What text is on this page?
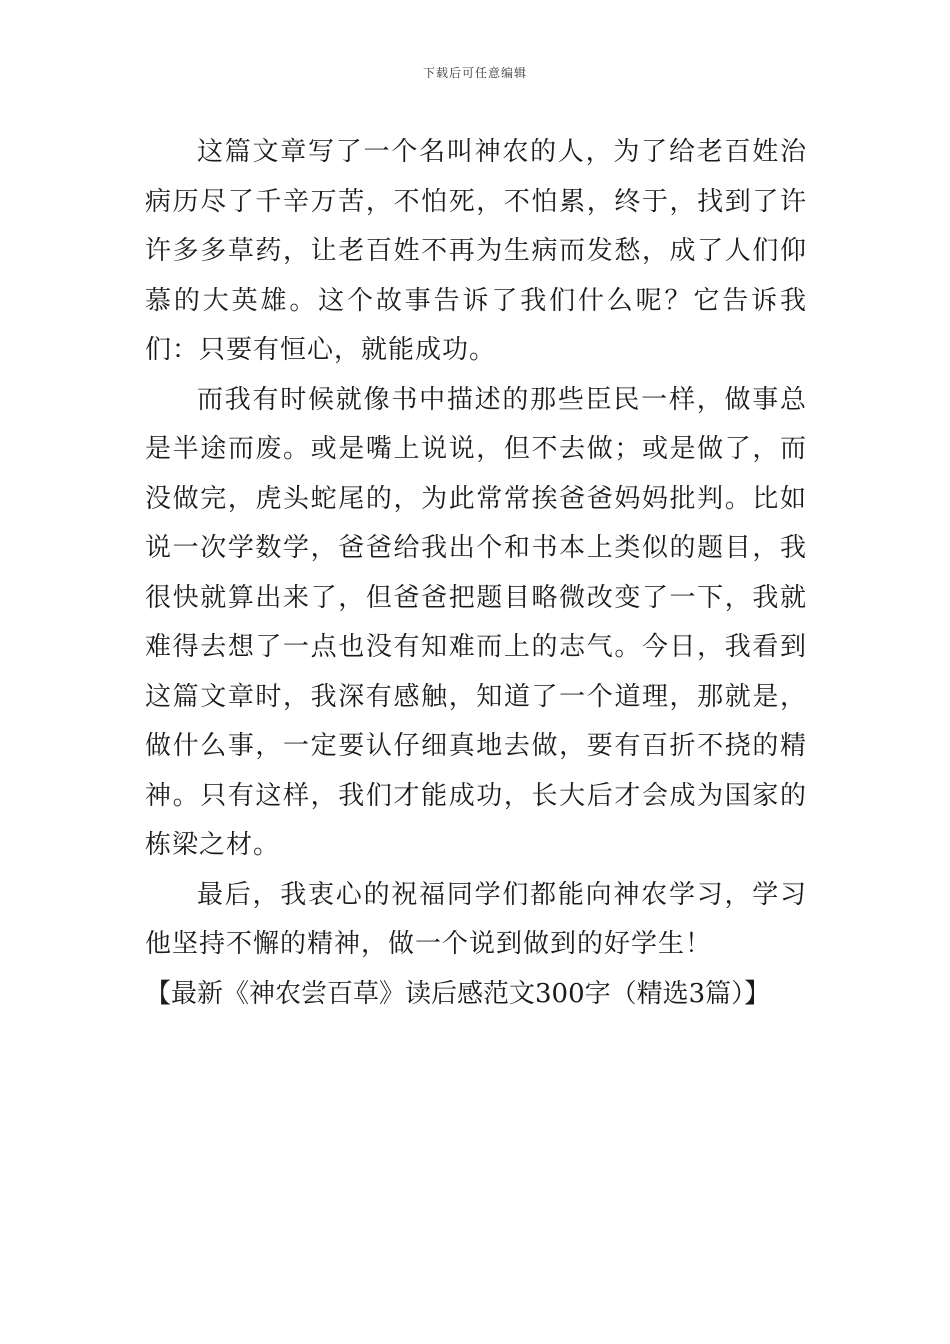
下载后可任意编辑

这篇文章写了一个名叫神农的人，为了给老百姓治病历尽了千辛万苦，不怕死，不怕累，终于，找到了许许多多草药，让老百姓不再为生病而发愁，成了人们仰慕的大英雄。这个故事告诉了我们什么呢？它告诉我们：只要有恒心，就能成功。

而我有时候就像书中描述的那些臣民一样，做事总是半途而废。或是嘴上说说，但不去做；或是做了，而没做完，虎头蛇尾的，为此常常挨爸爸妈妈批判。比如说一次学数学，爸爸给我出个和书本上类似的题目，我很快就算出来了，但爸爸把题目略微改变了一下，我就难得去想了一点也没有知难而上的志气。今日，我看到这篇文章时，我深有感触，知道了一个道理，那就是，做什么事，一定要认仔细真地去做，要有百折不挠的精神。只有这样，我们才能成功，长大后才会成为国家的栋梁之材。

最后，我衷心的祝福同学们都能向神农学习，学习他坚持不懈的精神，做一个说到做到的好学生！

【最新《神农尝百草》读后感范文300字（精选3篇）】
